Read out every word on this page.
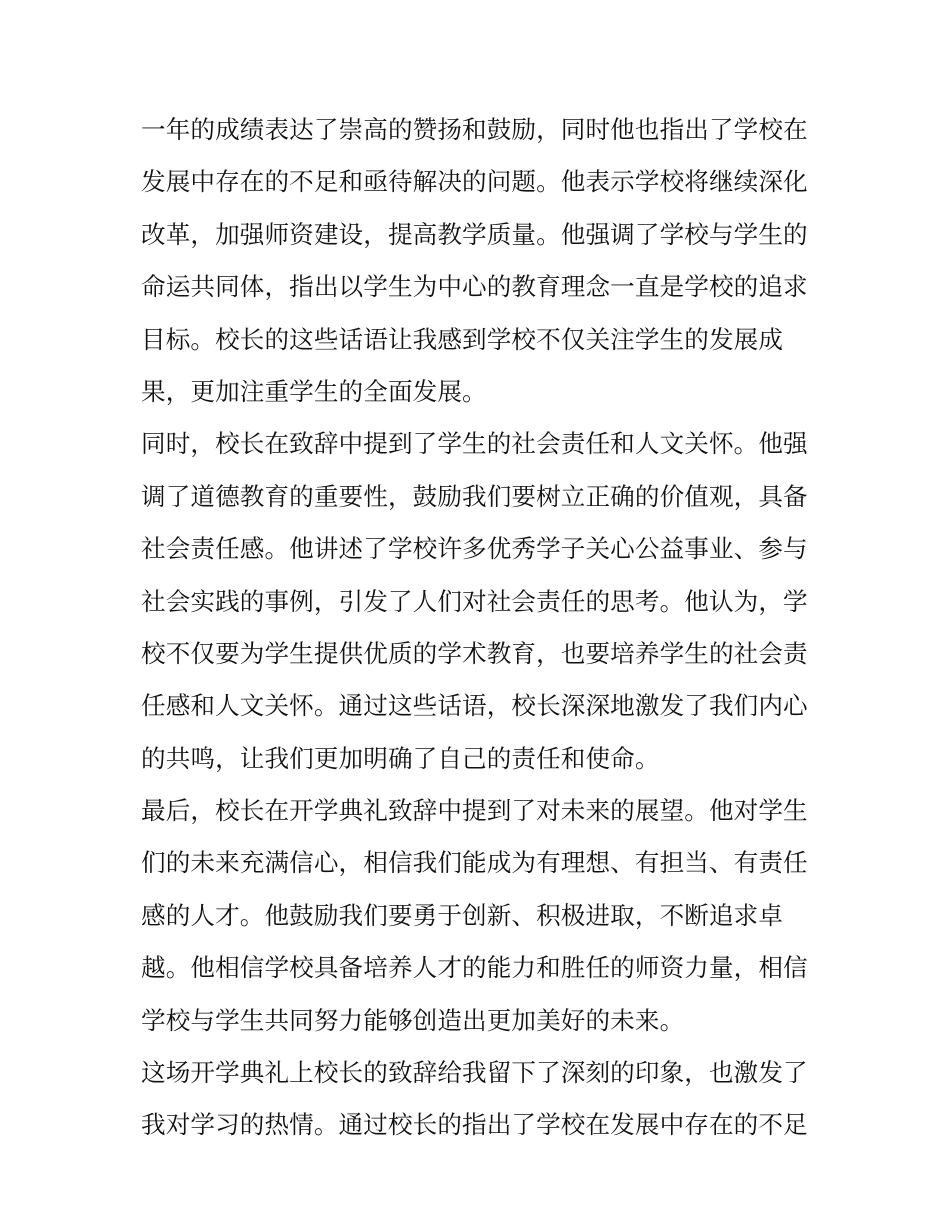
一年的成绩表达了崇高的赞扬和鼓励，同时他也指出了学校在
发展中存在的不足和亟待解决的问题。他表示学校将继续深化
改革，加强师资建设，提高教学质量。他强调了学校与学生的
命运共同体，指出以学生为中心的教育理念一直是学校的追求
目标。校长的这些话语让我感到学校不仅关注学生的发展成
果，更加注重学生的全面发展。
同时，校长在致辞中提到了学生的社会责任和人文关怀。他强
调了道德教育的重要性，鼓励我们要树立正确的价值观，具备
社会责任感。他讲述了学校许多优秀学子关心公益事业、参与
社会实践的事例，引发了人们对社会责任的思考。他认为，学
校不仅要为学生提供优质的学术教育，也要培养学生的社会责
任感和人文关怀。通过这些话语，校长深深地激发了我们内心
的共鸣，让我们更加明确了自己的责任和使命。
最后，校长在开学典礼致辞中提到了对未来的展望。他对学生
们的未来充满信心，相信我们能成为有理想、有担当、有责任
感的人才。他鼓励我们要勇于创新、积极进取，不断追求卓
越。他相信学校具备培养人才的能力和胜任的师资力量，相信
学校与学生共同努力能够创造出更加美好的未来。
这场开学典礼上校长的致辞给我留下了深刻的印象，也激发了
我对学习的热情。通过校长的指出了学校在发展中存在的不足
